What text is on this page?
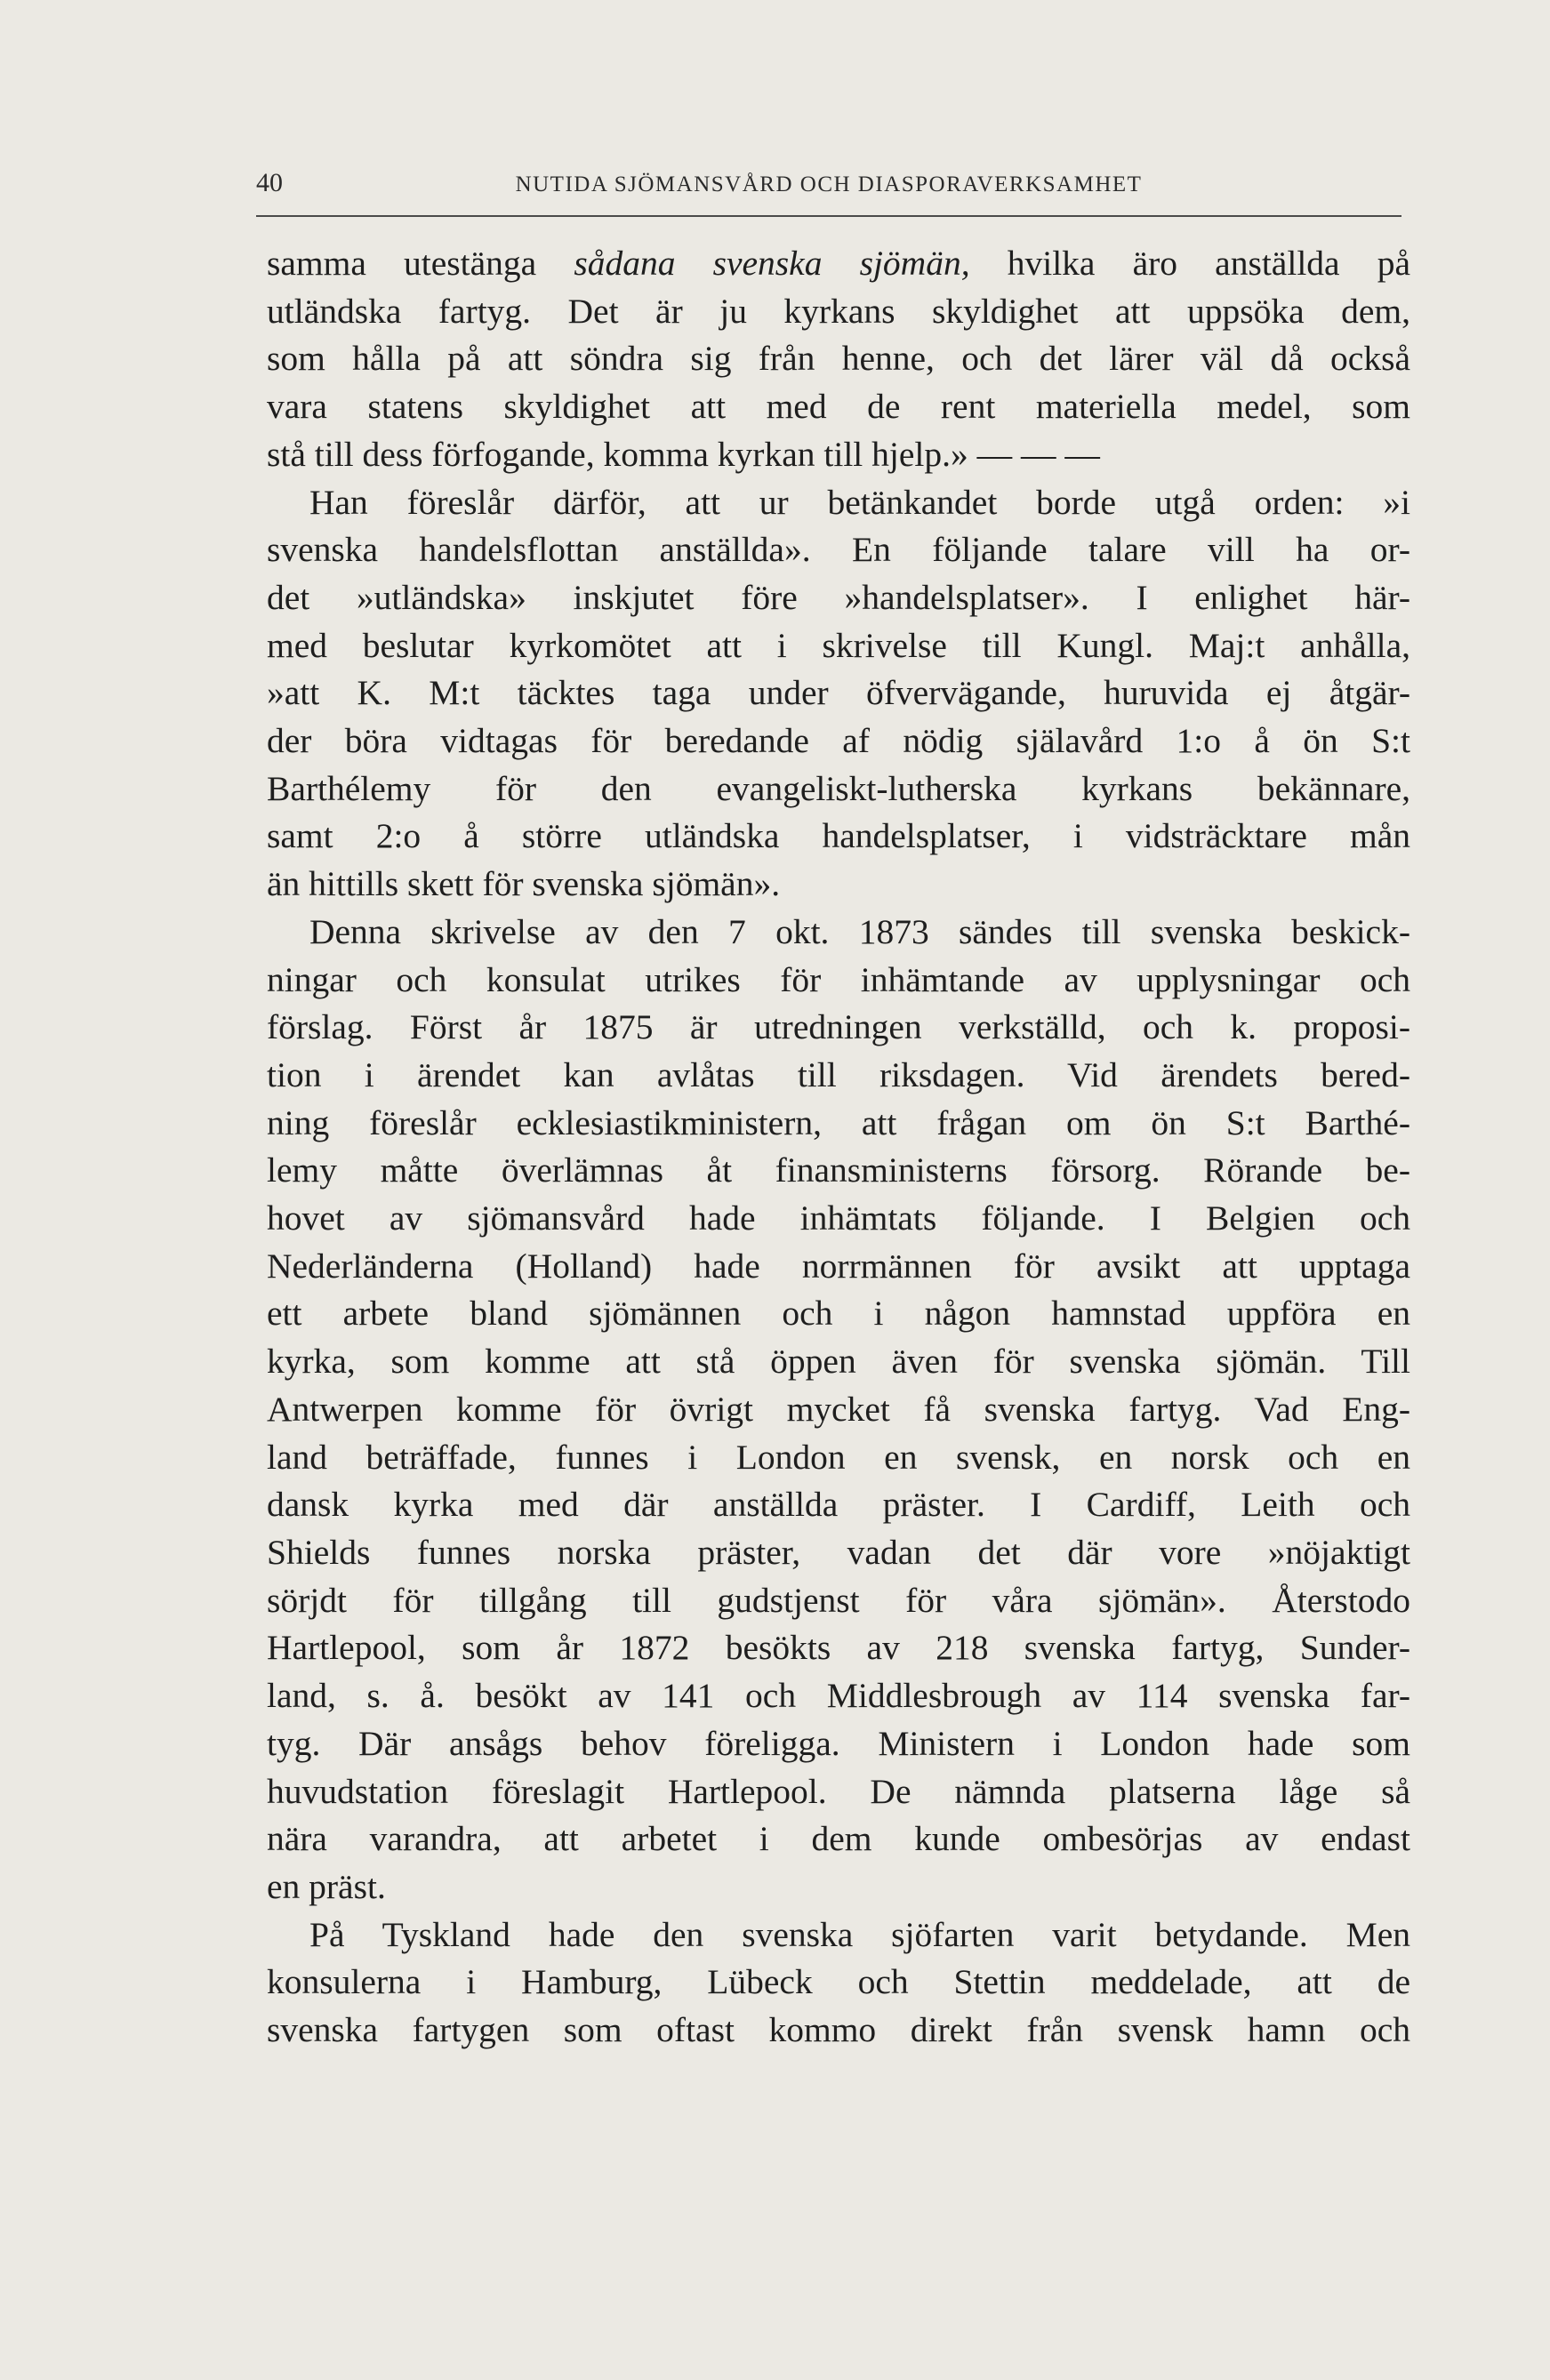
40	NUTIDA SJÖMANSVÅRD OCH DIASPORAVERKSAMHET
samma utestänga sådana svenska sjömän, hvilka äro anställda på
utländska fartyg. Det är ju kyrkans skyldighet att uppsöka dem,
som hålla på att söndra sig från henne, och det lärer väl då också
vara statens skyldighet att med de rent materiella medel, som
stå till dess förfogande, komma kyrkan till hjelp.» — — —
Han föreslår därför, att ur betänkandet borde utgå orden: »i
svenska handelsflottan anställda». En följande talare vill ha or-
det »utländska» inskjutet före »handelsplatser». I enlighet här-
med beslutar kyrkomötet att i skrivelse till Kungl. Maj:t anhålla,
»att K. M:t täcktes taga under öfvervägande, huruvida ej åtgär-
der böra vidtagas för beredande af nödig själavård 1:o å ön S:t
Barthélemy för den evangeliskt-lutherska kyrkans bekännare,
samt 2:o å större utländska handelsplatser, i vidsträcktare mån
än hittills skett för svenska sjömän».
Denna skrivelse av den 7 okt. 1873 sändes till svenska beskick-
ningar och konsulat utrikes för inhämtande av upplysningar och
förslag. Först år 1875 är utredningen verkställd, och k. proposi-
tion i ärendet kan avlåtas till riksdagen. Vid ärendets bered-
ning föreslår ecklesiastikministern, att frågan om ön S:t Barthé-
lemy måtte överlämnas åt finansministerns försorg. Rörande be-
hovet av sjömansvård hade inhämtats följande. I Belgien och
Nederländerna (Holland) hade norrmännen för avsikt att upptaga
ett arbete bland sjömännen och i någon hamnstad uppföra en
kyrka, som komme att stå öppen även för svenska sjömän. Till
Antwerpen komme för övrigt mycket få svenska fartyg. Vad Eng-
land beträffade, funnes i London en svensk, en norsk och en
dansk kyrka med där anställda präster. I Cardiff, Leith och
Shields funnes norska präster, vadan det där vore »nöjaktigt
sörjdt för tillgång till gudstjenst för våra sjömän». Återstodo
Hartlepool, som år 1872 besökts av 218 svenska fartyg, Sunder-
land, s. å. besökt av 141 och Middlesbrough av 114 svenska far-
tyg. Där ansågs behov föreligga. Ministern i London hade som
huvudstation föreslagit Hartlepool. De nämnda platserna låge så
nära varandra, att arbetet i dem kunde ombesörjas av endast
en präst.
På Tyskland hade den svenska sjöfarten varit betydande. Men
konsulerna i Hamburg, Lübeck och Stettin meddelade, att de
svenska fartygen som oftast kommo direkt från svensk hamn och
